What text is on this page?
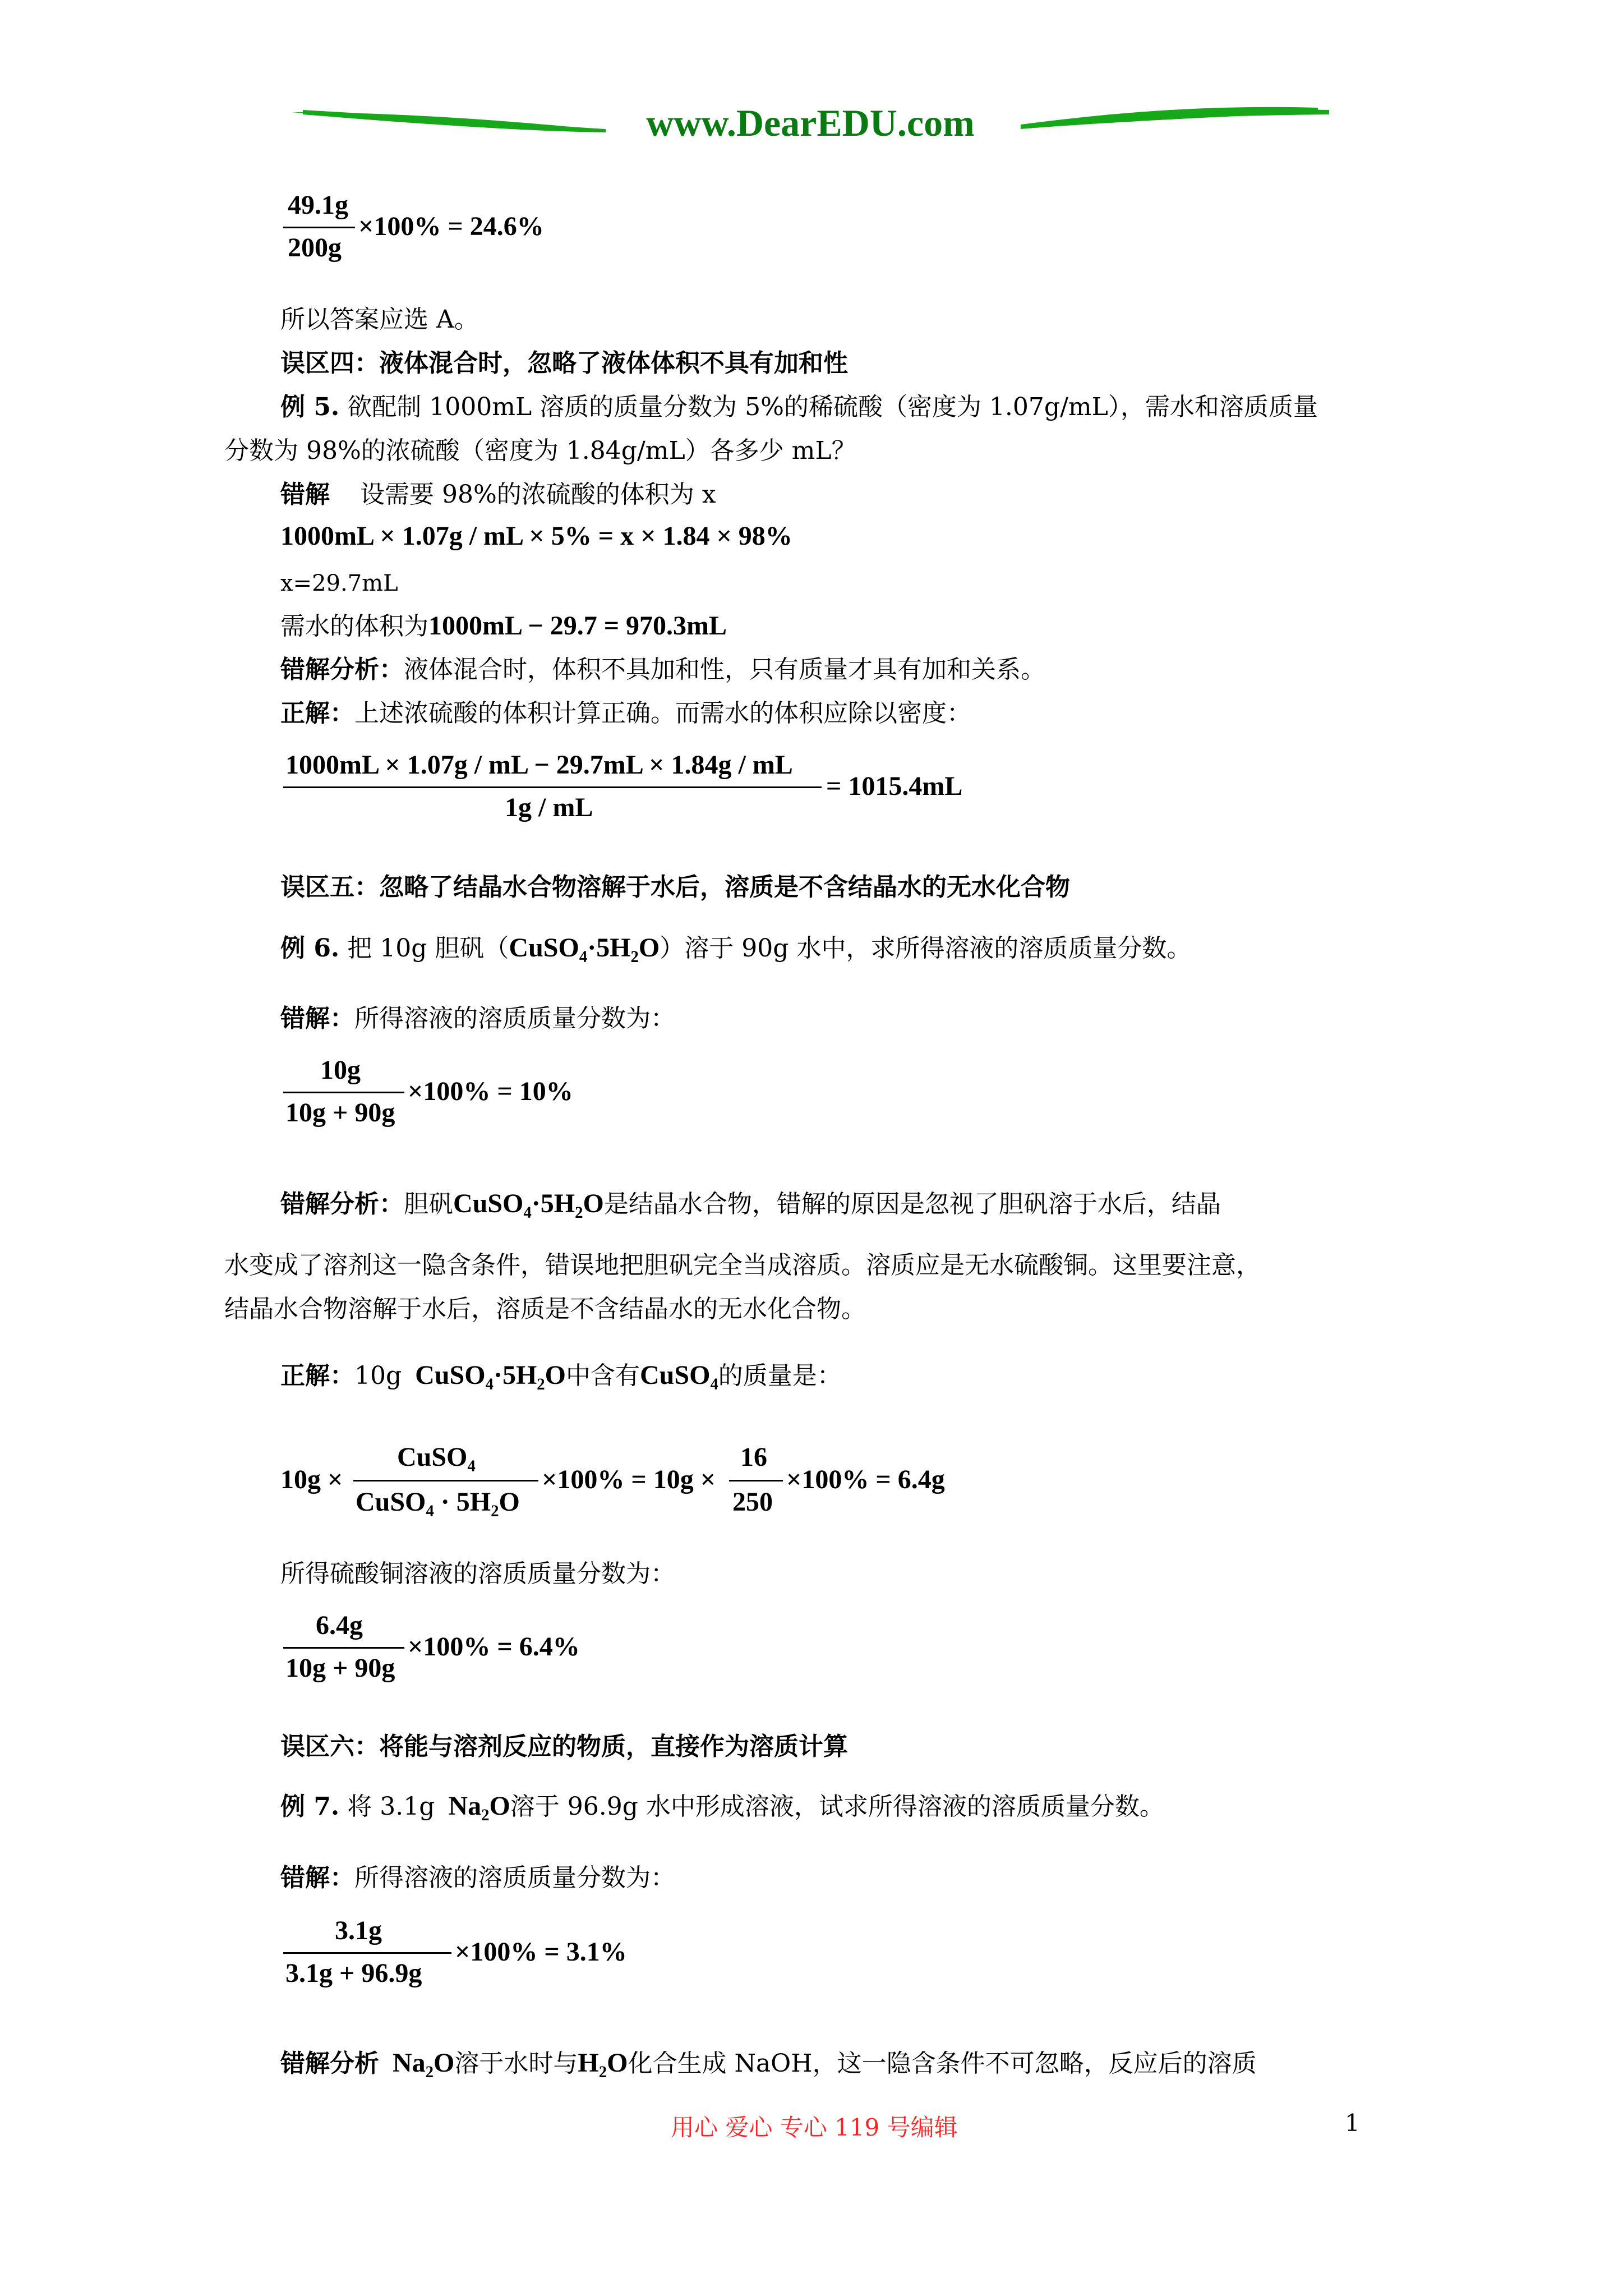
www.DearEDU.com
49.1g
200g
×100% = 24.6%
所以答案应选 A。
误区四：液体混合时，忽略了液体体积不具有加和性
例 5. 欲配制 1000mL 溶质的质量分数为 5%的稀硫酸（密度为 1.07g/mL），需水和溶质质量
分数为 98%的浓硫酸（密度为 1.84g/mL）各多少 mL？
错解 设需要 98%的浓硫酸的体积为 x
1000mL × 1.07g / mL × 5% = x × 1.84 × 98%
x=29.7mL
需水的体积为1000mL − 29.7 = 970.3mL
错解分析：液体混合时，体积不具加和性，只有质量才具有加和关系。
正解：上述浓硫酸的体积计算正确。而需水的体积应除以密度：
1000mL × 1.07g / mL − 29.7mL × 1.84g / mL
1g / mL
= 1015.4mL
误区五：忽略了结晶水合物溶解于水后，溶质是不含结晶水的无水化合物
例 6. 把 10g 胆矾（CuSO₄·5H₂O）溶于 90g 水中，求所得溶液的溶质质量分数。
错解：所得溶液的溶质质量分数为：
10g
10g + 90g
×100% = 10%
错解分析：胆矾CuSO₄·5H₂O是结晶水合物，错解的原因是忽视了胆矾溶于水后，结晶
水变成了溶剂这一隐含条件，错误地把胆矾完全当成溶质。溶质应是无水硫酸铜。这里要注意，
结晶水合物溶解于水后，溶质是不含结晶水的无水化合物。
正解：10g CuSO₄·5H₂O中含有CuSO₄的质量是：
10g ×
CuSO₄
CuSO₄ · 5H₂O
×100% = 10g ×
16
250
×100% = 6.4g
所得硫酸铜溶液的溶质质量分数为：
6.4g
10g + 90g
×100% = 6.4%
误区六：将能与溶剂反应的物质，直接作为溶质计算
例 7. 将 3.1g Na₂O溶于 96.9g 水中形成溶液，试求所得溶液的溶质质量分数。
错解：所得溶液的溶质质量分数为：
3.1g
3.1g + 96.9g
×100% = 3.1%
错解分析 Na₂O溶于水时与H₂O化合生成 NaOH，这一隐含条件不可忽略，反应后的溶质
用心 爱心 专心 119 号编辑	1
